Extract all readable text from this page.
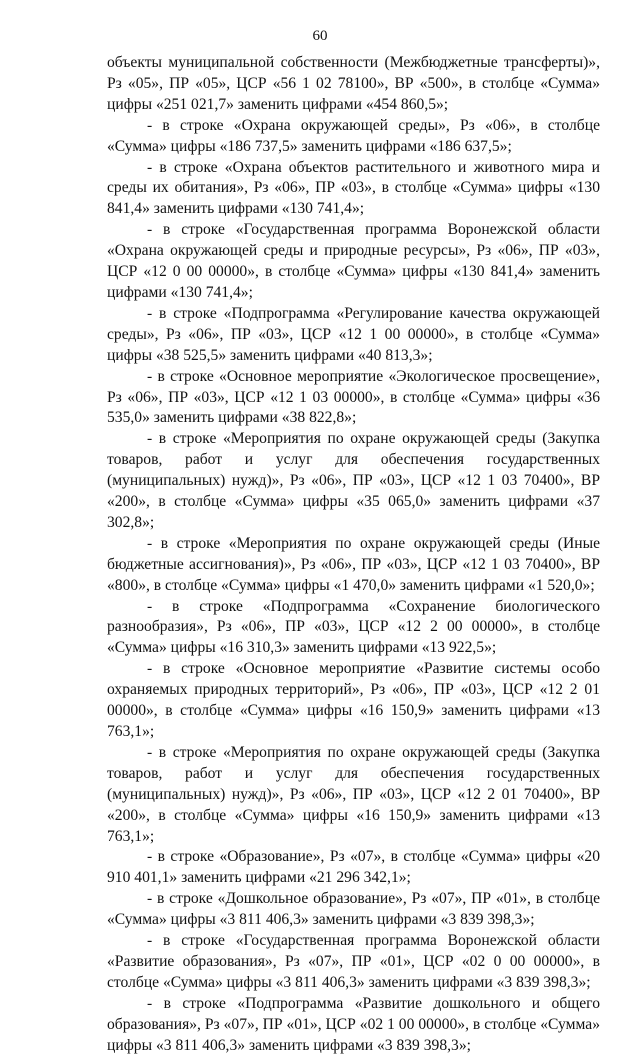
60

объекты муниципальной собственности (Межбюджетные трансферты)», Рз «05», ПР «05», ЦСР «56 1 02 78100», ВР «500», в столбце «Сумма» цифры «251 021,7» заменить цифрами «454 860,5»;

- в строке «Охрана окружающей среды», Рз «06», в столбце «Сумма» цифры «186 737,5» заменить цифрами «186 637,5»;

- в строке «Охрана объектов растительного и животного мира и среды их обитания», Рз «06», ПР «03», в столбце «Сумма» цифры «130 841,4» заменить цифрами «130 741,4»;

- в строке «Государственная программа Воронежской области «Охрана окружающей среды и природные ресурсы», Рз «06», ПР «03», ЦСР «12 0 00 00000», в столбце «Сумма» цифры «130 841,4» заменить цифрами «130 741,4»;

- в строке «Подпрограмма «Регулирование качества окружающей среды», Рз «06», ПР «03», ЦСР «12 1 00 00000», в столбце «Сумма» цифры «38 525,5» заменить цифрами «40 813,3»;

- в строке «Основное мероприятие «Экологическое просвещение», Рз «06», ПР «03», ЦСР «12 1 03 00000», в столбце «Сумма» цифры «36 535,0» заменить цифрами «38 822,8»;

- в строке «Мероприятия по охране окружающей среды (Закупка товаров, работ и услуг для обеспечения государственных (муниципальных) нужд)», Рз «06», ПР «03», ЦСР «12 1 03 70400», ВР «200», в столбце «Сумма» цифры «35 065,0» заменить цифрами «37 302,8»;

- в строке «Мероприятия по охране окружающей среды (Иные бюджетные ассигнования)», Рз «06», ПР «03», ЦСР «12 1 03 70400», ВР «800», в столбце «Сумма» цифры «1 470,0» заменить цифрами «1 520,0»;

- в строке «Подпрограмма «Сохранение биологического разнообразия», Рз «06», ПР «03», ЦСР «12 2 00 00000», в столбце «Сумма» цифры «16 310,3» заменить цифрами «13 922,5»;

- в строке «Основное мероприятие «Развитие системы особо охраняемых природных территорий», Рз «06», ПР «03», ЦСР «12 2 01 00000», в столбце «Сумма» цифры «16 150,9» заменить цифрами «13 763,1»;

- в строке «Мероприятия по охране окружающей среды (Закупка товаров, работ и услуг для обеспечения государственных (муниципальных) нужд)», Рз «06», ПР «03», ЦСР «12 2 01 70400», ВР «200», в столбце «Сумма» цифры «16 150,9» заменить цифрами «13 763,1»;

- в строке «Образование», Рз «07», в столбце «Сумма» цифры «20 910 401,1» заменить цифрами «21 296 342,1»;

- в строке «Дошкольное образование», Рз «07», ПР «01», в столбце «Сумма» цифры «3 811 406,3» заменить цифрами «3 839 398,3»;

- в строке «Государственная программа Воронежской области «Развитие образования», Рз «07», ПР «01», ЦСР «02 0 00 00000», в столбце «Сумма» цифры «3 811 406,3» заменить цифрами «3 839 398,3»;

- в строке «Подпрограмма «Развитие дошкольного и общего образования», Рз «07», ПР «01», ЦСР «02 1 00 00000», в столбце «Сумма» цифры «3 811 406,3» заменить цифрами «3 839 398,3»;
